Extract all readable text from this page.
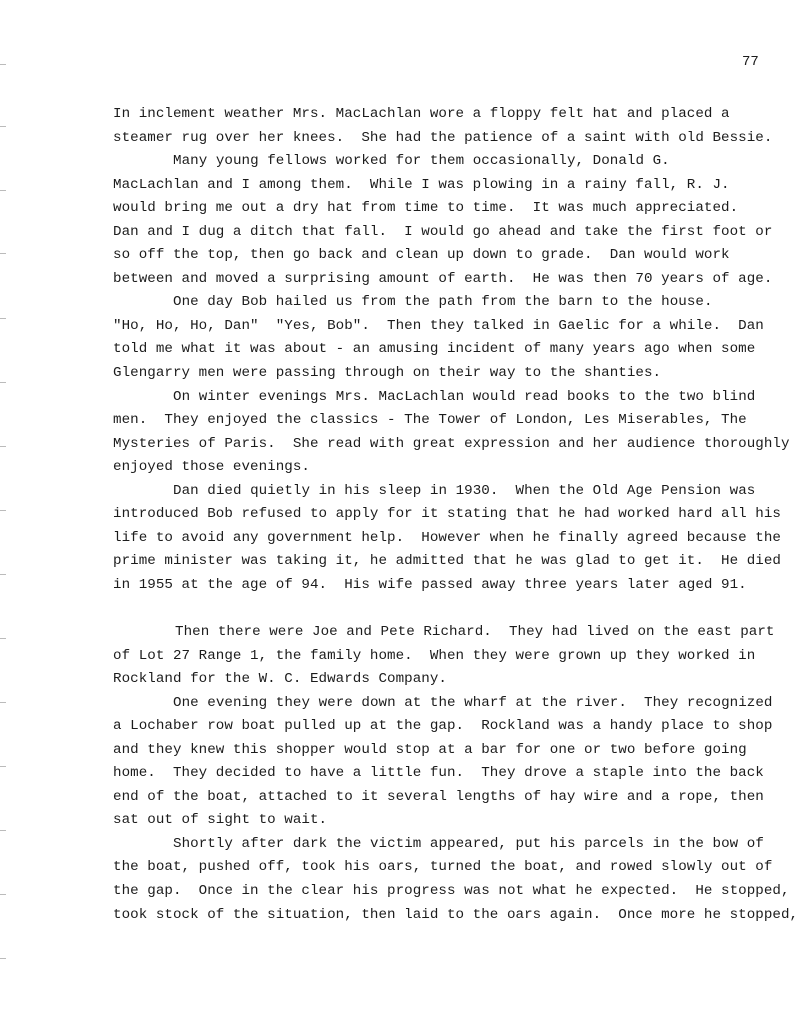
77
In inclement weather Mrs. MacLachlan wore a floppy felt hat and placed a
steamer rug over her knees.  She had the patience of a saint with old Bessie.
Many young fellows worked for them occasionally, Donald G.
MacLachlan and I among them.  While I was plowing in a rainy fall, R. J.
would bring me out a dry hat from time to time.  It was much appreciated.
Dan and I dug a ditch that fall.  I would go ahead and take the first foot or
so off the top, then go back and clean up down to grade.  Dan would work
between and moved a surprising amount of earth.  He was then 70 years of age.
One day Bob hailed us from the path from the barn to the house.
"Ho, Ho, Ho, Dan"  "Yes, Bob".  Then they talked in Gaelic for a while.  Dan
told me what it was about - an amusing incident of many years ago when some
Glengarry men were passing through on their way to the shanties.
On winter evenings Mrs. MacLachlan would read books to the two blind
men.  They enjoyed the classics - The Tower of London, Les Miserables, The
Mysteries of Paris.  She read with great expression and her audience thoroughly
enjoyed those evenings.
Dan died quietly in his sleep in 1930.  When the Old Age Pension was
introduced Bob refused to apply for it stating that he had worked hard all his
life to avoid any government help.  However when he finally agreed because the
prime minister was taking it, he admitted that he was glad to get it.  He died
in 1955 at the age of 94.  His wife passed away three years later aged 91.
Then there were Joe and Pete Richard.  They had lived on the east part
of Lot 27 Range 1, the family home.  When they were grown up they worked in
Rockland for the W. C. Edwards Company.
One evening they were down at the wharf at the river.  They recognized
a Lochaber row boat pulled up at the gap.  Rockland was a handy place to shop
and they knew this shopper would stop at a bar for one or two before going
home.  They decided to have a little fun.  They drove a staple into the back
end of the boat, attached to it several lengths of hay wire and a rope, then
sat out of sight to wait.
Shortly after dark the victim appeared, put his parcels in the bow of
the boat, pushed off, took his oars, turned the boat, and rowed slowly out of
the gap.  Once in the clear his progress was not what he expected.  He stopped,
took stock of the situation, then laid to the oars again.  Once more he stopped,
